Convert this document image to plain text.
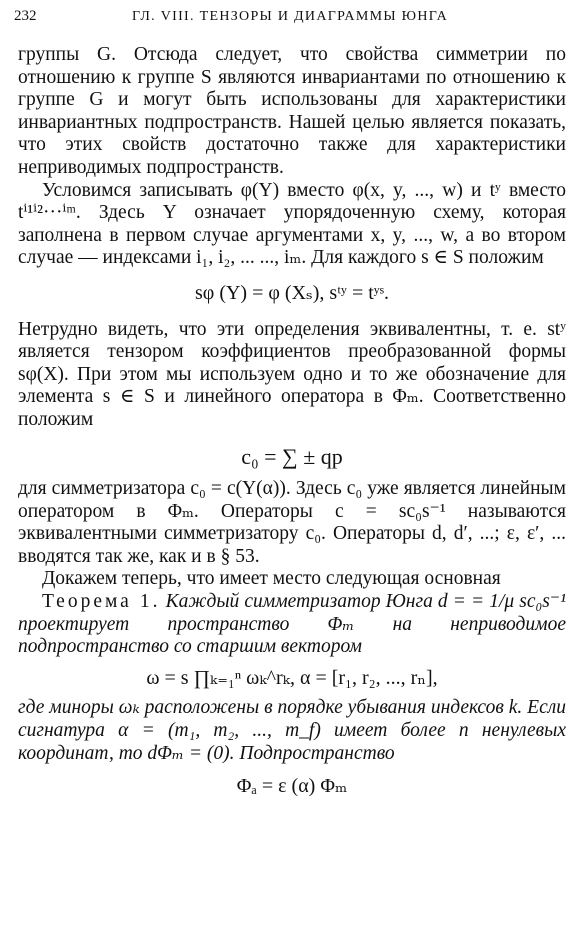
232	ГЛ. VIII. ТЕНЗОРЫ И ДИАГРАММЫ ЮНГА

группы G. Отсюда следует, что свойства симметрии по отношению к группе S являются инвариантами по отношению к группе G и могут быть использованы для характеристики инвариантных подпространств. Нашей целью является показать, что этих свойств достаточно также для характеристики неприводимых подпространств.

Условимся записывать φ(Y) вместо φ(x, y, ..., w) и tʸ вместо tⁱ¹ⁱ²···ⁱᵐ. Здесь Y означает упорядоченную схему, которая заполнена в первом случае аргументами x, y, ..., w, а во втором случае — индексами i₁, i₂, ... ..., iₘ. Для каждого s ∈ S положим

sφ (Y) = φ (Xₛ), sᵗʸ = tʸˢ.

Нетрудно видеть, что эти определения эквивалентны, т. е. stʸ является тензором коэффициентов преобразованной формы sφ(X). При этом мы используем одно и то же обозначение для элемента s ∈ S и линейного оператора в Φₘ. Соответственно положим

c₀ = ∑ ± qp

для симметризатора c₀ = c(Y(α)). Здесь c₀ уже является линейным оператором в Φₘ. Операторы c = sc₀s⁻¹ называются эквивалентными симметризатору c₀. Операторы d, d′, ...; ε, ε′, ... вводятся так же, как и в § 53.

Докажем теперь, что имеет место следующая основная

Теорема 1. Каждый симметризатор Юнга d = = 1/μ sc₀s⁻¹ проектирует пространство Φₘ на неприводимое подпространство со старшим вектором

ω = s ∏ₖ₌₁ⁿ ωₖ^rₖ, α = [r₁, r₂, ..., rₙ],

где миноры ωₖ расположены в порядке убывания индексов k. Если сигнатура α = (m₁, m₂, ..., m_f) имеет более n ненулевых координат, то dΦₘ = (0). Подпространство

Φₐ = ε (α) Φₘ
